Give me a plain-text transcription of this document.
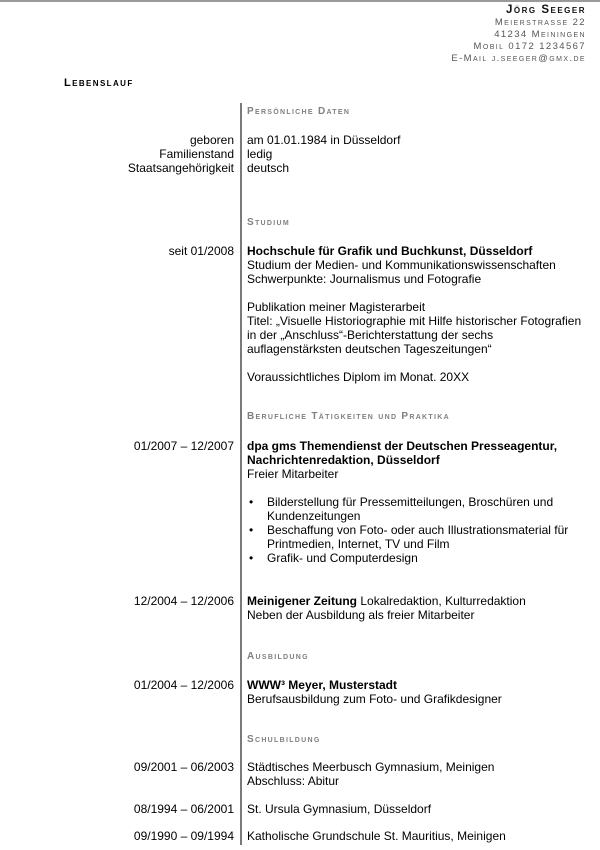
Jörg Seeger
Meierstrasse 22
41234 Meiningen
Mobil 0172 1234567
E-Mail j.seeger@gmx.de
Lebenslauf
Persönliche Daten
geboren
Familienstand
Staatsangehörigkeit
am 01.01.1984 in Düsseldorf
ledig
deutsch
Studium
seit 01/2008 Hochschule für Grafik und Buchkunst, Düsseldorf
Studium der Medien- und Kommunikationswissenschaften
Schwerpunkte: Journalismus und Fotografie
Publikation meiner Magisterarbeit
Titel: „Visuelle Historiographie mit Hilfe historischer Fotografien
in der „Anschluss“-Berichterstattung der sechs
auflagenstärksten deutschen Tageszeitungen“
Voraussichtliches Diplom im Monat. 20XX
Berufliche Tätigkeiten und Praktika
01/2007 – 12/2007 dpa gms Themendienst der Deutschen Presseagentur,
Nachrichtenredaktion, Düsseldorf
Freier Mitarbeiter
• Bilderstellung für Pressemitteilungen, Broschüren und
Kundenzeitungen
• Beschaffung von Foto- oder auch Illustrationsmaterial für
Printmedien, Internet, TV und Film
• Grafik- und Computerdesign
12/2004 – 12/2006 Meinigener Zeitung Lokalredaktion, Kulturredaktion
Neben der Ausbildung als freier Mitarbeiter
Ausbildung
01/2004 – 12/2006 WWW³ Meyer, Musterstadt
Berufsausbildung zum Foto- und Grafikdesigner
Schulbildung
09/2001 – 06/2003 Städtisches Meerbusch Gymnasium, Meinigen
Abschluss: Abitur
08/1994 – 06/2001 St. Ursula Gymnasium, Düsseldorf
09/1990 – 09/1994 Katholische Grundschule St. Mauritius, Meinigen
